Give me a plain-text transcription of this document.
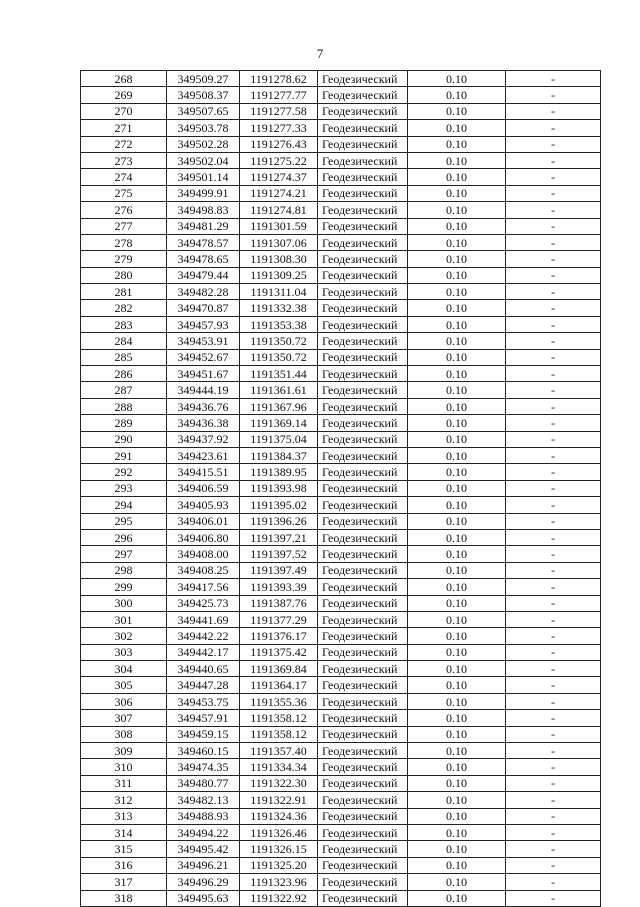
7
268	349509.27	1191278.62	Геодезический	0.10	-
269	349508.37	1191277.77	Геодезический	0.10	-
270	349507.65	1191277.58	Геодезический	0.10	-
271	349503.78	1191277.33	Геодезический	0.10	-
272	349502.28	1191276.43	Геодезический	0.10	-
273	349502.04	1191275.22	Геодезический	0.10	-
274	349501.14	1191274.37	Геодезический	0.10	-
275	349499.91	1191274.21	Геодезический	0.10	-
276	349498.83	1191274.81	Геодезический	0.10	-
277	349481.29	1191301.59	Геодезический	0.10	-
278	349478.57	1191307.06	Геодезический	0.10	-
279	349478.65	1191308.30	Геодезический	0.10	-
280	349479.44	1191309.25	Геодезический	0.10	-
281	349482.28	1191311.04	Геодезический	0.10	-
282	349470.87	1191332.38	Геодезический	0.10	-
283	349457.93	1191353.38	Геодезический	0.10	-
284	349453.91	1191350.72	Геодезический	0.10	-
285	349452.67	1191350.72	Геодезический	0.10	-
286	349451.67	1191351.44	Геодезический	0.10	-
287	349444.19	1191361.61	Геодезический	0.10	-
288	349436.76	1191367.96	Геодезический	0.10	-
289	349436.38	1191369.14	Геодезический	0.10	-
290	349437.92	1191375.04	Геодезический	0.10	-
291	349423.61	1191384.37	Геодезический	0.10	-
292	349415.51	1191389.95	Геодезический	0.10	-
293	349406.59	1191393.98	Геодезический	0.10	-
294	349405.93	1191395.02	Геодезический	0.10	-
295	349406.01	1191396.26	Геодезический	0.10	-
296	349406.80	1191397.21	Геодезический	0.10	-
297	349408.00	1191397.52	Геодезический	0.10	-
298	349408.25	1191397.49	Геодезический	0.10	-
299	349417.56	1191393.39	Геодезический	0.10	-
300	349425.73	1191387.76	Геодезический	0.10	-
301	349441.69	1191377.29	Геодезический	0.10	-
302	349442.22	1191376.17	Геодезический	0.10	-
303	349442.17	1191375.42	Геодезический	0.10	-
304	349440.65	1191369.84	Геодезический	0.10	-
305	349447.28	1191364.17	Геодезический	0.10	-
306	349453.75	1191355.36	Геодезический	0.10	-
307	349457.91	1191358.12	Геодезический	0.10	-
308	349459.15	1191358.12	Геодезический	0.10	-
309	349460.15	1191357.40	Геодезический	0.10	-
310	349474.35	1191334.34	Геодезический	0.10	-
311	349480.77	1191322.30	Геодезический	0.10	-
312	349482.13	1191322.91	Геодезический	0.10	-
313	349488.93	1191324.36	Геодезический	0.10	-
314	349494.22	1191326.46	Геодезический	0.10	-
315	349495.42	1191326.15	Геодезический	0.10	-
316	349496.21	1191325.20	Геодезический	0.10	-
317	349496.29	1191323.96	Геодезический	0.10	-
318	349495.63	1191322.92	Геодезический	0.10	-
